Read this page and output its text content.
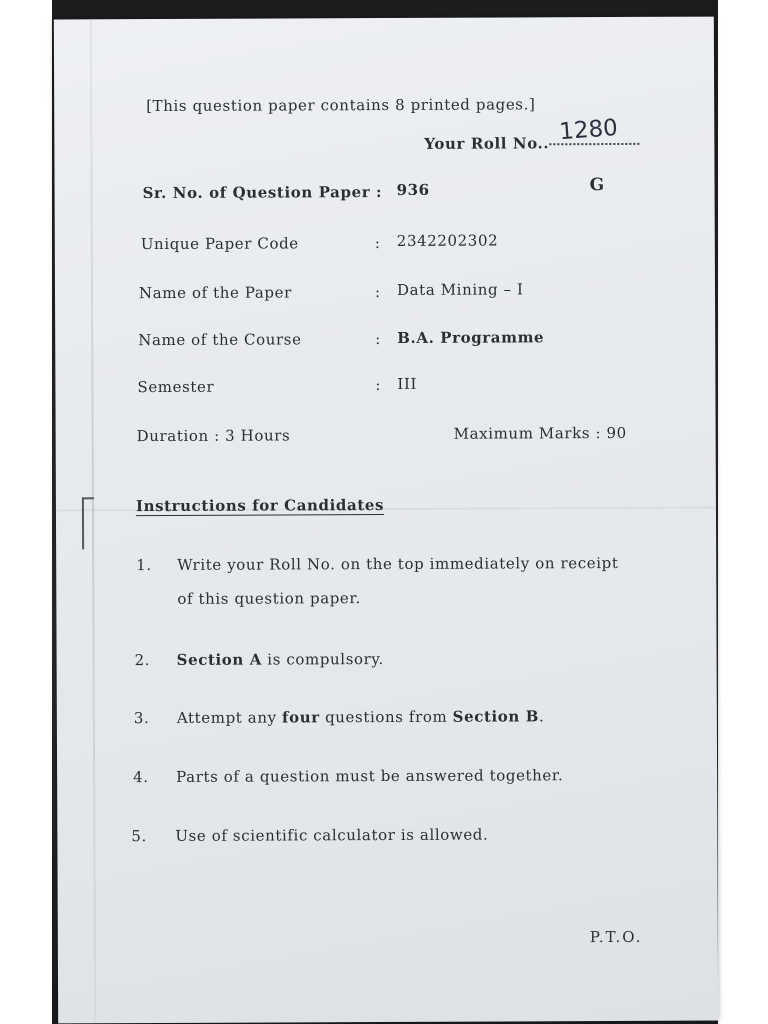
[This question paper contains 8 printed pages.]
Your Roll No.. 1280
Sr. No. of Question Paper : 936	G
Unique Paper Code	: 2342202302
Name of the Paper	: Data Mining – I
Name of the Course	: B.A. Programme
Semester	: III
Duration : 3 Hours	Maximum Marks : 90
Instructions for Candidates
1. Write your Roll No. on the top immediately on receipt
of this question paper.
2. Section A is compulsory.
3. Attempt any four questions from Section B.
4. Parts of a question must be answered together.
5. Use of scientific calculator is allowed.
P.T.O.
